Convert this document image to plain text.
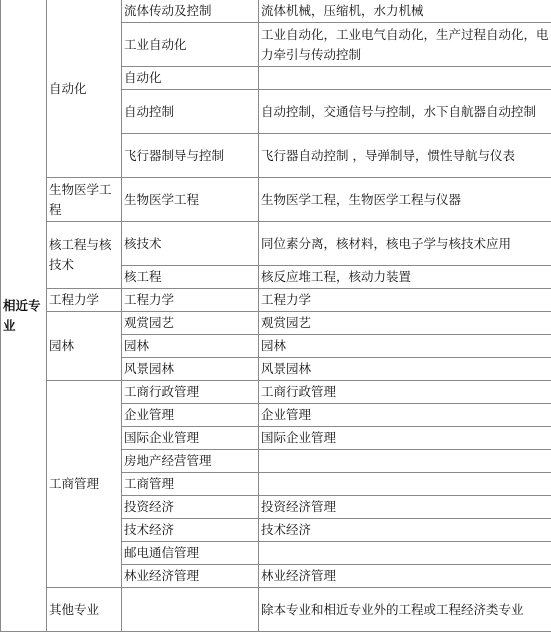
相近专业	自动化	流体传动及控制	流体机械，压缩机，水力机械
		工业自动化	工业自动化，工业电气自动化，生产过程自动化，电力牵引与传动控制
		自动化	
		自动控制	自动控制，交通信号与控制，水下自航器自动控制
		飞行器制导与控制	飞行器自动控制 ，导弹制导，惯性导航与仪表
	生物医学工程	生物医学工程	生物医学工程，生物医学工程与仪器
	核工程与核技术	核技术	同位素分离，核材料，核电子学与核技术应用
		核工程	核反应堆工程，核动力装置
	工程力学	工程力学	工程力学
	园林	观赏园艺	观赏园艺
		园林	园林
		风景园林	风景园林
	工商管理	工商行政管理	工商行政管理
		企业管理	企业管理
		国际企业管理	国际企业管理
		房地产经营管理	
		工商管理	
		投资经济	投资经济管理
		技术经济	技术经济
		邮电通信管理	
		林业经济管理	林业经济管理
	其他专业		除本专业和相近专业外的工程或工程经济类专业
